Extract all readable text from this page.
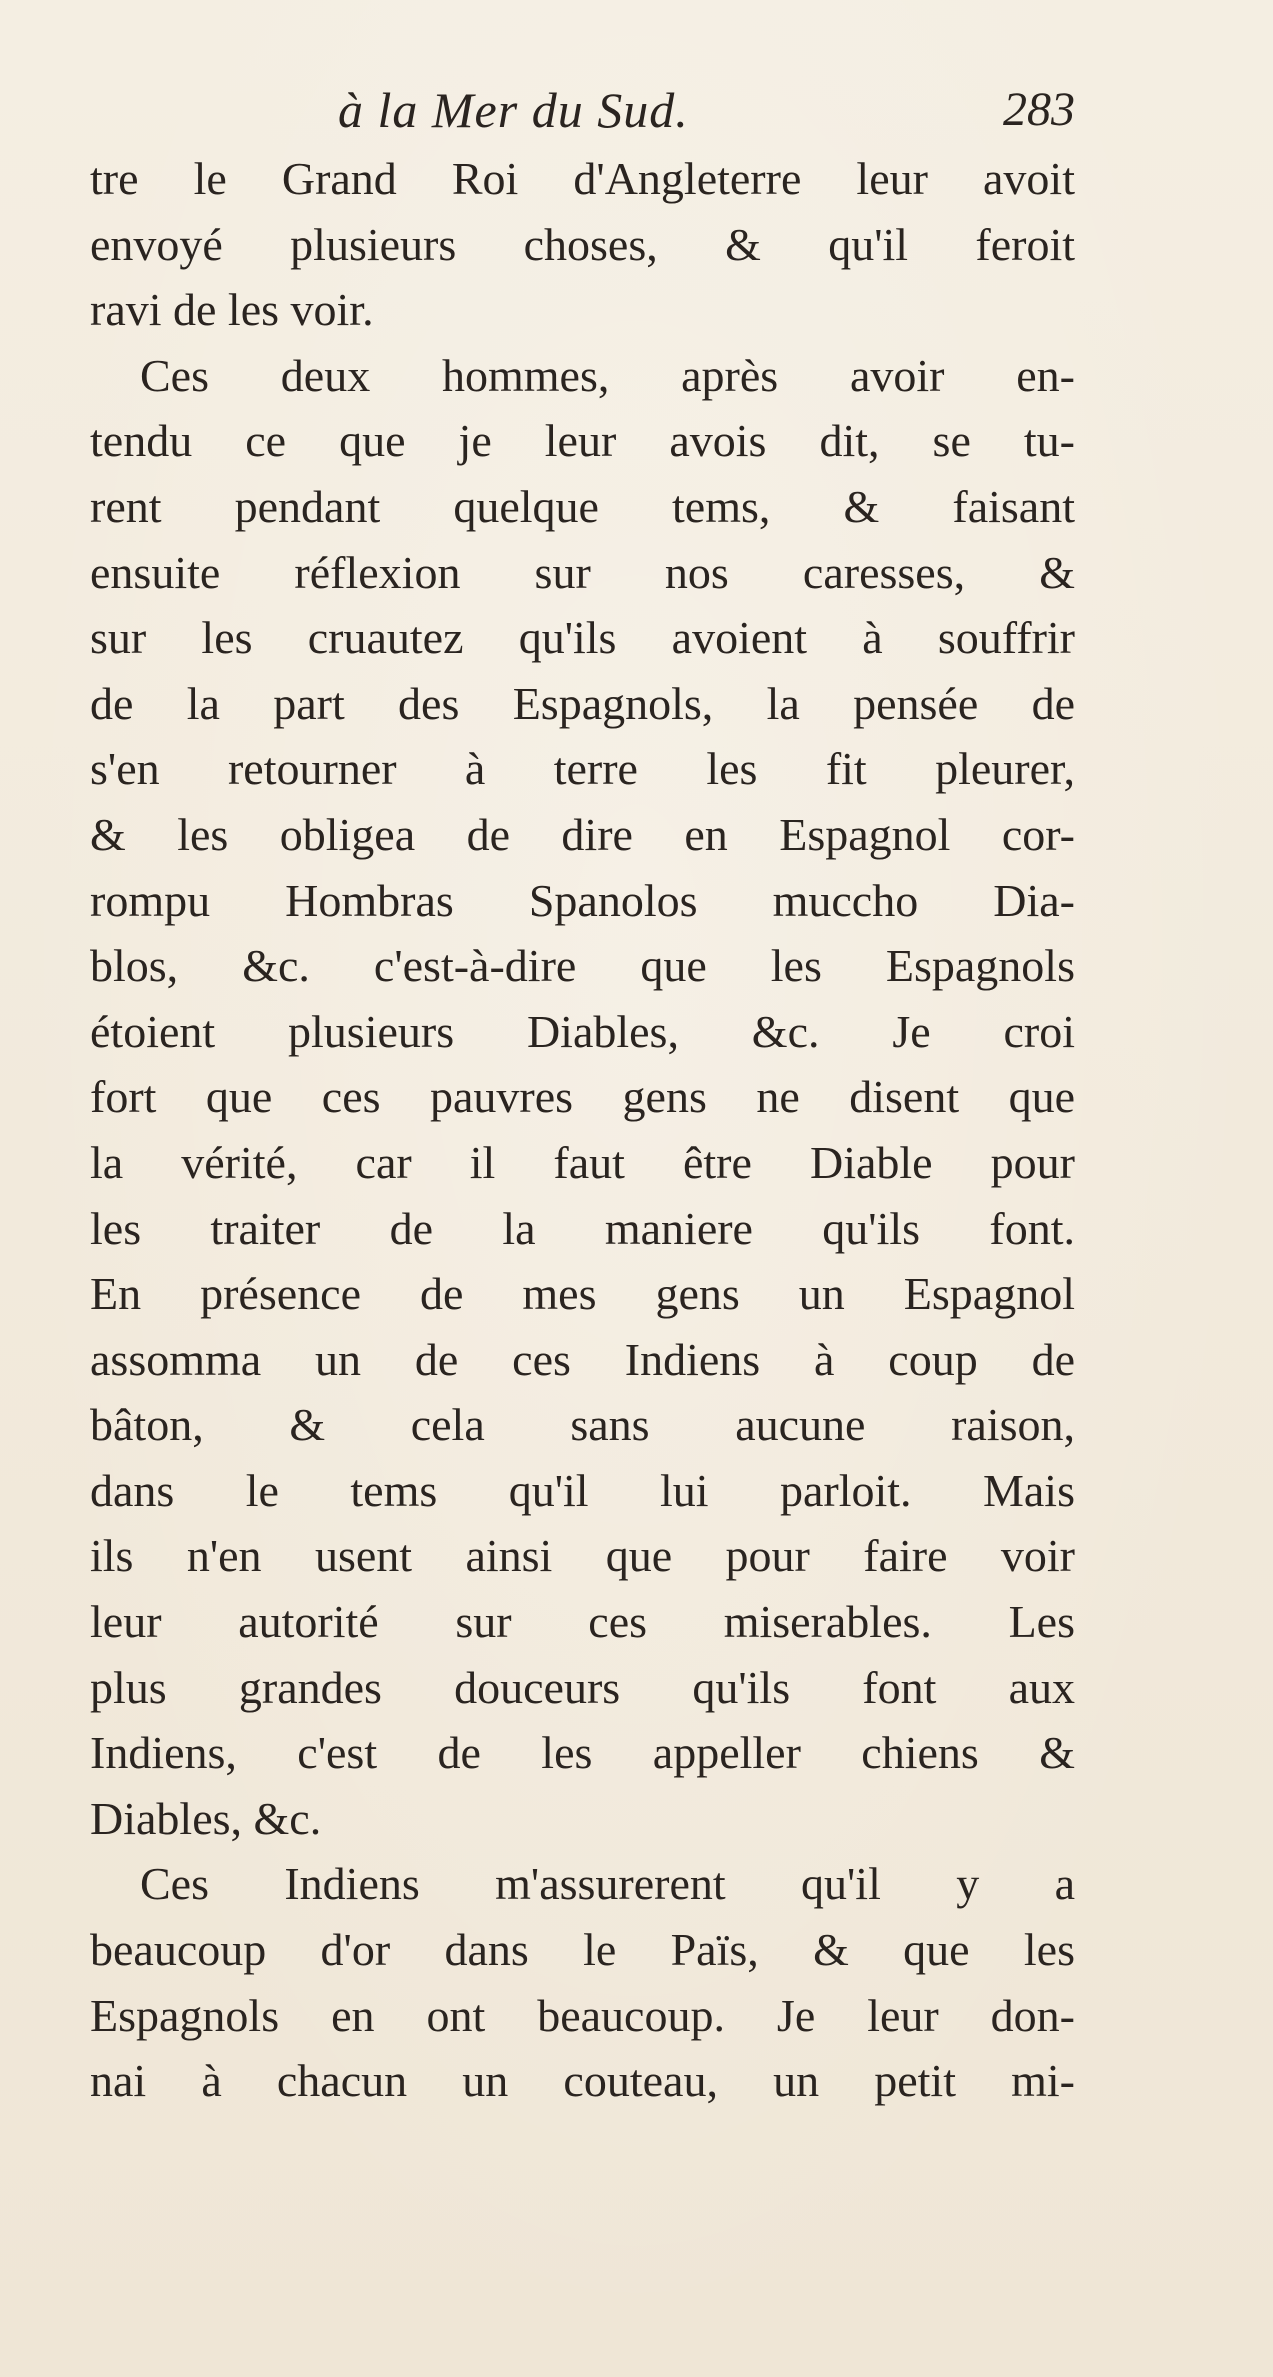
à la Mer du Sud.	283
tre le Grand Roi d'Angleterre leur avoit
envoyé plusieurs choses, & qu'il feroit
ravi de les voir.
Ces deux hommes, après avoir en-
tendu ce que je leur avois dit, se tu-
rent pendant quelque tems, & faisant
ensuite réflexion sur nos caresses, &
sur les cruautez qu'ils avoient à souffrir
de la part des Espagnols, la pensée de
s'en retourner à terre les fit pleurer,
& les obligea de dire en Espagnol cor-
rompu Hombras Spanolos muccho Dia-
blos, &c. c'est-à-dire que les Espagnols
étoient plusieurs Diables, &c. Je croi
fort que ces pauvres gens ne disent que
la vérité, car il faut être Diable pour
les traiter de la maniere qu'ils font.
En présence de mes gens un Espagnol
assomma un de ces Indiens à coup de
bâton, & cela sans aucune raison,
dans le tems qu'il lui parloit. Mais
ils n'en usent ainsi que pour faire voir
leur autorité sur ces miserables. Les
plus grandes douceurs qu'ils font aux
Indiens, c'est de les appeller chiens &
Diables, &c.
Ces Indiens m'assurerent qu'il y a
beaucoup d'or dans le Païs, & que les
Espagnols en ont beaucoup. Je leur don-
nai à chacun un couteau, un petit mi-
